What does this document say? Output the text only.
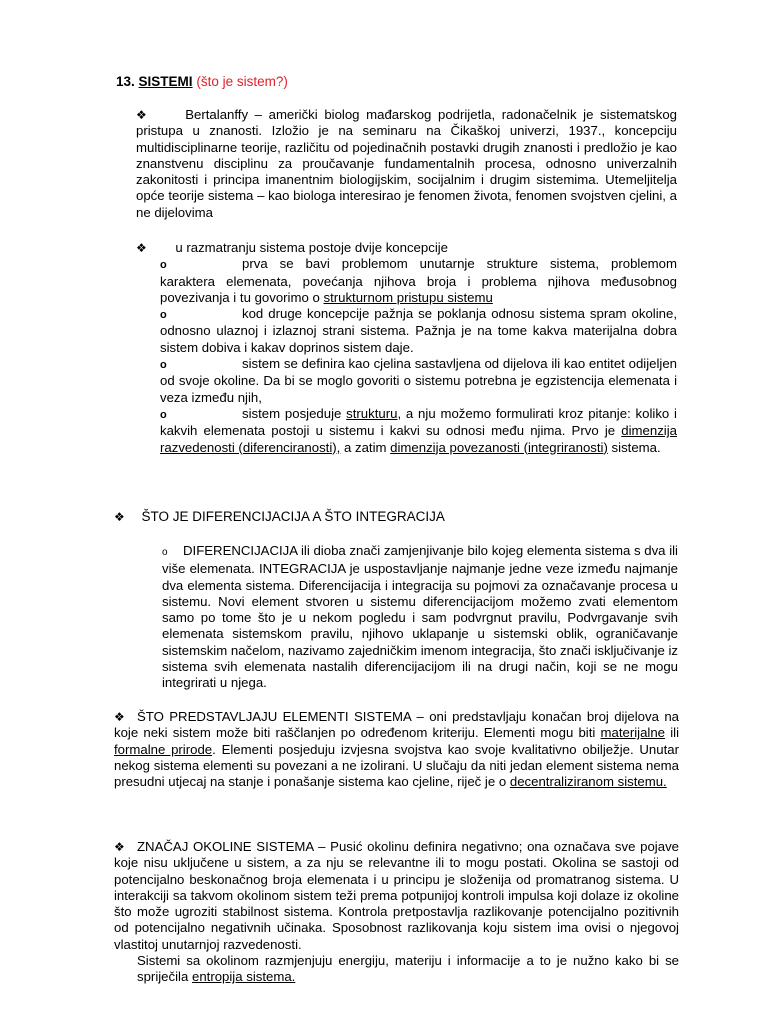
13. SISTEMI (što je sistem?)

❖	Bertalanffy – američki biolog mađarskog podrijetla, radonačelnik je sistematskog pristupa u znanosti. Izložio je na seminaru na Čikaškoj univerzi, 1937., koncepciju multidisciplinarne teorije, različitu od pojedinačnih postavki drugih znanosti i predložio je kao znanstvenu disciplinu za proučavanje fundamentalnih procesa, odnosno univerzalnih zakonitosti i principa imanentnim biologijskim, socijalnim i drugim sistemima. Utemeljitelja opće teorije sistema – kao biologa interesirao je fenomen života, fenomen svojstven cjelini, a ne dijelovima

❖ u razmatranju sistema postoje dvije koncepcije

o	prva se bavi problemom unutarnje strukture sistema, problemom karaktera elemenata, povećanja njihova broja i problema njihova međusobnog povezivanja i tu govorimo o strukturnom pristupu sistemu

o	kod druge koncepcije pažnja se poklanja odnosu sistema spram okoline, odnosno ulaznoj i izlaznoj strani sistema. Pažnja je na tome kakva materijalna dobra sistem dobiva i kakav doprinos sistem daje.

o	sistem se definira kao cjelina sastavljena od dijelova ili kao entitet odijeljen od svoje okoline. Da bi se moglo govoriti o sistemu potrebna je egzistencija elemenata i veza između njih,

o	sistem posjeduje strukturu, a nju možemo formulirati kroz pitanje: koliko i kakvih elemenata postoji u sistemu i kakvi su odnosi među njima. Prvo je dimenzija razvedenosti (diferenciranosti), a zatim dimenzija povezanosti (integriranosti) sistema.

❖ ŠTO JE DIFERENCIJACIJA A ŠTO INTEGRACIJA

o DIFERENCIJACIJA ili dioba znači zamjenjivanje bilo kojeg elementa sistema s dva ili više elemenata. INTEGRACIJA je uspostavljanje najmanje jedne veze između najmanje dva elementa sistema. Diferencijacija i integracija su pojmovi za označavanje procesa u sistemu. Novi element stvoren u sistemu diferencijacijom možemo zvati elementom samo po tome što je u nekom pogledu i sam podvrgnut pravilu, Podvrgavanje svih elemenata sistemskom pravilu, njihovo uklapanje u sistemski oblik, ograničavanje sistemskim načelom, nazivamo zajedničkim imenom integracija, što znači isključivanje iz sistema svih elemenata nastalih diferencijacijom ili na drugi način, koji se ne mogu integrirati u njega.

❖ ŠTO PREDSTAVLJAJU ELEMENTI SISTEMA – oni predstavljaju konačan broj dijelova na koje neki sistem može biti raščlanjen po određenom kriteriju. Elementi mogu biti materijalne ili formalne prirode. Elementi posjeduju izvjesna svojstva kao svoje kvalitativno obilježje. Unutar nekog sistema elementi su povezani a ne izolirani. U slučaju da niti jedan element sistema nema presudni utjecaj na stanje i ponašanje sistema kao cjeline, riječ je o decentraliziranom sistemu.

❖ ZNAČAJ OKOLINE SISTEMA – Pusić okolinu definira negativno; ona označava sve pojave koje nisu uključene u sistem, a za nju se relevantne ili to mogu postati. Okolina se sastoji od potencijalno beskonačnog broja elemenata i u principu je složenija od promatranog sistema. U interakciji sa takvom okolinom sistem teži prema potpunijoj kontroli impulsa koji dolaze iz okoline što može ugroziti stabilnost sistema. Kontrola pretpostavlja razlikovanje potencijalno pozitivnih od potencijalno negativnih učinaka. Sposobnost razlikovanja koju sistem ima ovisi o njegovoj vlastitoj unutarnjoj razvedenosti.

Sistemi sa okolinom razmjenjuju energiju, materiju i informacije a to je nužno kako bi se spriječila entropija sistema.
